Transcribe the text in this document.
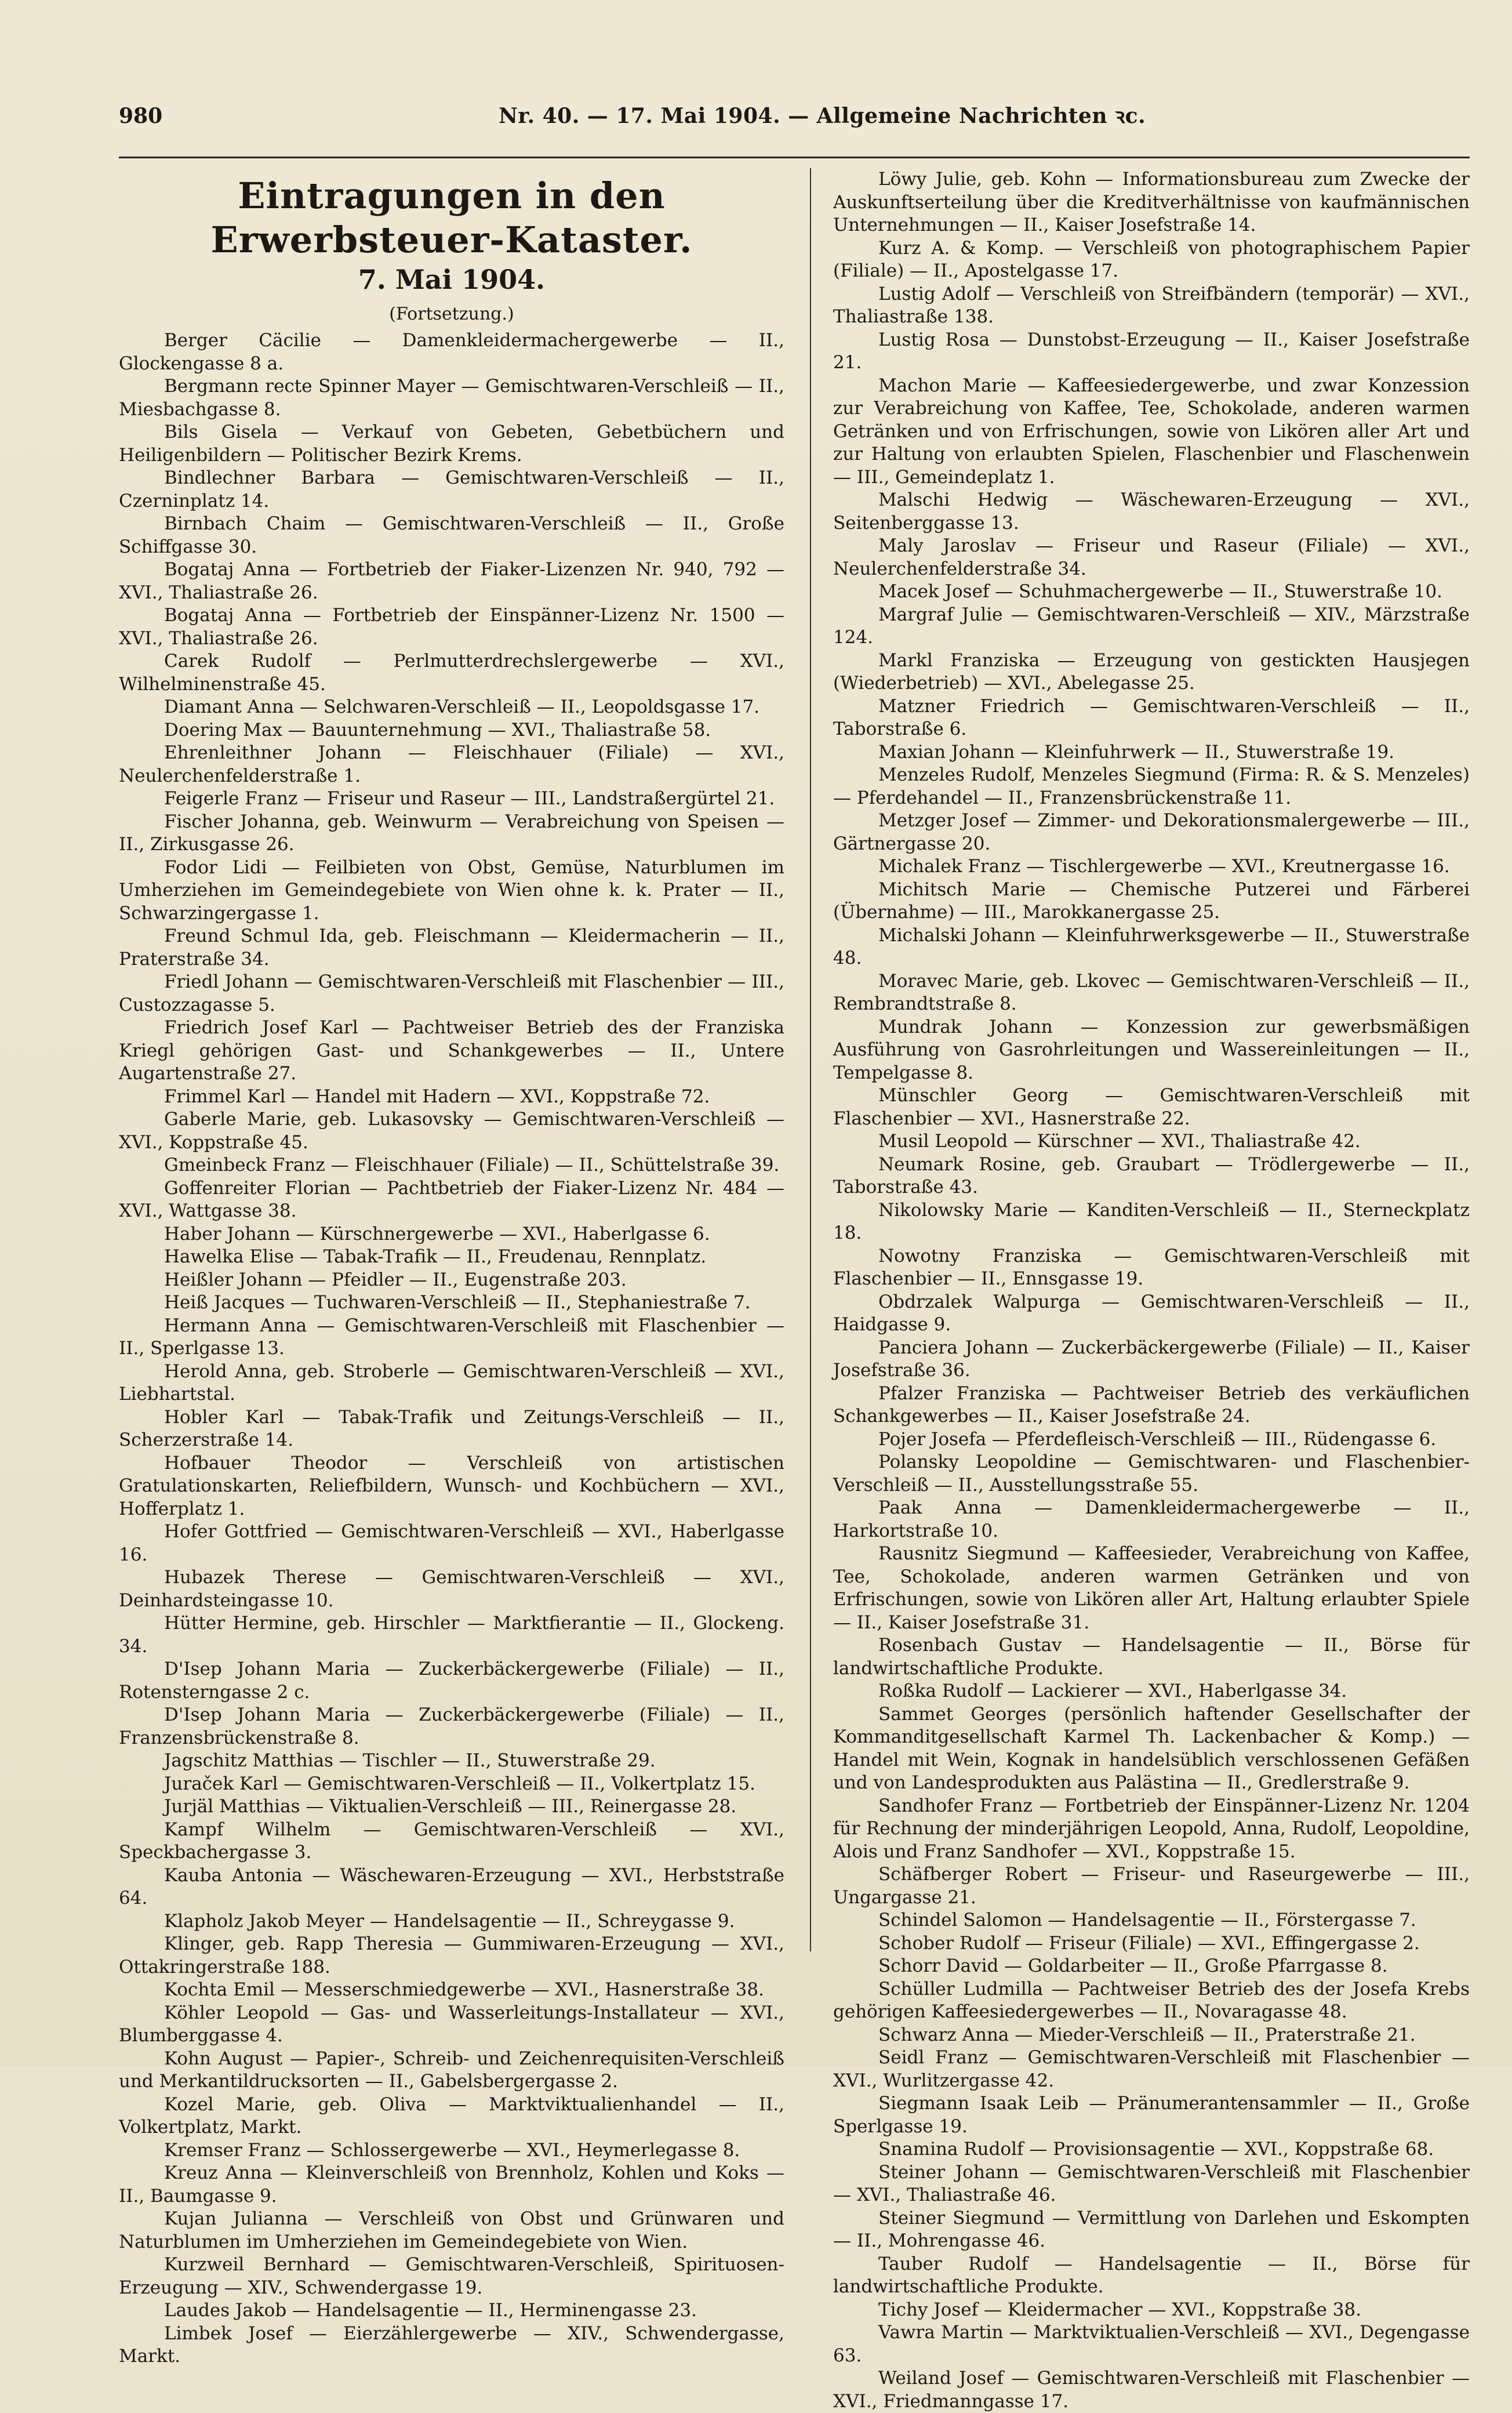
980	Nr. 40. — 17. Mai 1904. — Allgemeine Nachrichten ꝛc.
Eintragungen in den Erwerbsteuer-Kataster.
7. Mai 1904.
(Fortsetzung.)

Berger Cäcilie — Damenkleidermachergewerbe — II., Glockengasse 8 a.

Bergmann recte Spinner Mayer — Gemischtwaren-Verschleiß — II., Miesbachgasse 8.

Bils Gisela — Verkauf von Gebeten, Gebetbüchern und Heiligenbildern — Politischer Bezirk Krems.

Bindlechner Barbara — Gemischtwaren-Verschleiß — II., Czerninplatz 14.

Birnbach Chaim — Gemischtwaren-Verschleiß — II., Große Schiffgasse 30.

Bogataj Anna — Fortbetrieb der Fiaker-Lizenzen Nr. 940, 792 — XVI., Thaliastraße 26.

Bogataj Anna — Fortbetrieb der Einspänner-Lizenz Nr. 1500 — XVI., Thaliastraße 26.

Carek Rudolf — Perlmutterdrechslergewerbe — XVI., Wilhelminenstraße 45.

Diamant Anna — Selchwaren-Verschleiß — II., Leopoldsgasse 17.

Doering Max — Bauunternehmung — XVI., Thaliastraße 58.

Ehrenleithner Johann — Fleischhauer (Filiale) — XVI., Neulerchenfelderstraße 1.

Feigerle Franz — Friseur und Raseur — III., Landstraßergürtel 21.

Fischer Johanna, geb. Weinwurm — Verabreichung von Speisen — II., Zirkusgasse 26.

Fodor Lidi — Feilbieten von Obst, Gemüse, Naturblumen im Umherziehen im Gemeindegebiete von Wien ohne k. k. Prater — II., Schwarzingergasse 1.

Freund Schmul Ida, geb. Fleischmann — Kleidermacherin — II., Praterstraße 34.

Friedl Johann — Gemischtwaren-Verschleiß mit Flaschenbier — III., Custozzagasse 5.

Friedrich Josef Karl — Pachtweiser Betrieb des der Franziska Kriegl gehörigen Gast- und Schankgewerbes — II., Untere Augartenstraße 27.

Frimmel Karl — Handel mit Hadern — XVI., Koppstraße 72.

Gaberle Marie, geb. Lukasovsky — Gemischtwaren-Verschleiß — XVI., Koppstraße 45.

Gmeinbeck Franz — Fleischhauer (Filiale) — II., Schüttelstraße 39.

Goffenreiter Florian — Pachtbetrieb der Fiaker-Lizenz Nr. 484 — XVI., Wattgasse 38.

Haber Johann — Kürschnergewerbe — XVI., Haberlgasse 6.

Hawelka Elise — Tabak-Trafik — II., Freudenau, Rennplatz.

Heißler Johann — Pfeidler — II., Eugenstraße 203.

Heiß Jacques — Tuchwaren-Verschleiß — II., Stephaniestraße 7.

Hermann Anna — Gemischtwaren-Verschleiß mit Flaschenbier — II., Sperlgasse 13.

Herold Anna, geb. Stroberle — Gemischtwaren-Verschleiß — XVI., Liebhartstal.

Hobler Karl — Tabak-Trafik und Zeitungs-Verschleiß — II., Scherzerstraße 14.

Hofbauer Theodor — Verschleiß von artistischen Gratulationskarten, Reliefbildern, Wunsch- und Kochbüchern — XVI., Hofferplatz 1.

Hofer Gottfried — Gemischtwaren-Verschleiß — XVI., Haberlgasse 16.

Hubazek Therese — Gemischtwaren-Verschleiß — XVI., Deinhardsteingasse 10.

Hütter Hermine, geb. Hirschler — Marktfierantie — II., Glockeng. 34.

D'Isep Johann Maria — Zuckerbäckergewerbe (Filiale) — II., Rotensterngasse 2 c.

D'Isep Johann Maria — Zuckerbäckergewerbe (Filiale) — II., Franzensbrückenstraße 8.

Jagschitz Matthias — Tischler — II., Stuwerstraße 29.

Juraček Karl — Gemischtwaren-Verschleiß — II., Volkertplatz 15.

Jurjäl Matthias — Viktualien-Verschleiß — III., Reinergasse 28.

Kampf Wilhelm — Gemischtwaren-Verschleiß — XVI., Speckbachergasse 3.

Kauba Antonia — Wäschewaren-Erzeugung — XVI., Herbststraße 64.

Klapholz Jakob Meyer — Handelsagentie — II., Schreygasse 9.

Klinger, geb. Rapp Theresia — Gummiwaren-Erzeugung — XVI., Ottakringerstraße 188.

Kochta Emil — Messerschmiedgewerbe — XVI., Hasnerstraße 38.

Köhler Leopold — Gas- und Wasserleitungs-Installateur — XVI., Blumberggasse 4.

Kohn August — Papier-, Schreib- und Zeichenrequisiten-Verschleiß und Merkantildrucksorten — II., Gabelsbergergasse 2.

Kozel Marie, geb. Oliva — Marktviktualienhandel — II., Volkertplatz, Markt.

Kremser Franz — Schlossergewerbe — XVI., Heymerlegasse 8.

Kreuz Anna — Kleinverschleiß von Brennholz, Kohlen und Koks — II., Baumgasse 9.

Kujan Julianna — Verschleiß von Obst und Grünwaren und Naturblumen im Umherziehen im Gemeindegebiete von Wien.

Kurzweil Bernhard — Gemischtwaren-Verschleiß, Spirituosen-Erzeugung — XIV., Schwendergasse 19.

Laudes Jakob — Handelsagentie — II., Herminengasse 23.

Limbek Josef — Eierzählergewerbe — XIV., Schwendergasse, Markt.

Löwy Julie, geb. Kohn — Informationsbureau zum Zwecke der Auskunftserteilung über die Kreditverhältnisse von kaufmännischen Unternehmungen — II., Kaiser Josefstraße 14.

Kurz A. & Komp. — Verschleiß von photographischem Papier (Filiale) — II., Apostelgasse 17.

Lustig Adolf — Verschleiß von Streifbändern (temporär) — XVI., Thaliastraße 138.

Lustig Rosa — Dunstobst-Erzeugung — II., Kaiser Josefstraße 21.

Machon Marie — Kaffeesiedergewerbe, und zwar Konzession zur Verabreichung von Kaffee, Tee, Schokolade, anderen warmen Getränken und von Erfrischungen, sowie von Likören aller Art und zur Haltung von erlaubten Spielen, Flaschenbier und Flaschenwein — III., Gemeindeplatz 1.

Malschi Hedwig — Wäschewaren-Erzeugung — XVI., Seitenberggasse 13.

Maly Jaroslav — Friseur und Raseur (Filiale) — XVI., Neulerchenfelderstraße 34.

Macek Josef — Schuhmachergewerbe — II., Stuwerstraße 10.

Margraf Julie — Gemischtwaren-Verschleiß — XIV., Märzstraße 124.

Markl Franziska — Erzeugung von gestickten Hausjegen (Wiederbetrieb) — XVI., Abelegasse 25.

Matzner Friedrich — Gemischtwaren-Verschleiß — II., Taborstraße 6.

Maxian Johann — Kleinfuhrwerk — II., Stuwerstraße 19.

Menzeles Rudolf, Menzeles Siegmund (Firma: R. & S. Menzeles) — Pferdehandel — II., Franzensbrückenstraße 11.

Metzger Josef — Zimmer- und Dekorationsmalergewerbe — III., Gärtnergasse 20.

Michalek Franz — Tischlergewerbe — XVI., Kreutnergasse 16.

Michitsch Marie — Chemische Putzerei und Färberei (Übernahme) — III., Marokkanergasse 25.

Michalski Johann — Kleinfuhrwerksgewerbe — II., Stuwerstraße 48.

Moravec Marie, geb. Lkovec — Gemischtwaren-Verschleiß — II., Rembrandtstraße 8.

Mundrak Johann — Konzession zur gewerbsmäßigen Ausführung von Gasrohrleitungen und Wassereinleitungen — II., Tempelgasse 8.

Münschler Georg — Gemischtwaren-Verschleiß mit Flaschenbier — XVI., Hasnerstraße 22.

Musil Leopold — Kürschner — XVI., Thaliastraße 42.

Neumark Rosine, geb. Graubart — Trödlergewerbe — II., Taborstraße 43.

Nikolowsky Marie — Kanditen-Verschleiß — II., Sterneckplatz 18.

Nowotny Franziska — Gemischtwaren-Verschleiß mit Flaschenbier — II., Ennsgasse 19.

Obdrzalek Walpurga — Gemischtwaren-Verschleiß — II., Haidgasse 9.

Panciera Johann — Zuckerbäckergewerbe (Filiale) — II., Kaiser Josefstraße 36.

Pfalzer Franziska — Pachtweiser Betrieb des verkäuflichen Schankgewerbes — II., Kaiser Josefstraße 24.

Pojer Josefa — Pferdefleisch-Verschleiß — III., Rüdengasse 6.

Polansky Leopoldine — Gemischtwaren- und Flaschenbier-Verschleiß — II., Ausstellungsstraße 55.

Paak Anna — Damenkleidermachergewerbe — II., Harkortstraße 10.

Rausnitz Siegmund — Kaffeesieder, Verabreichung von Kaffee, Tee, Schokolade, anderen warmen Getränken und von Erfrischungen, sowie von Likören aller Art, Haltung erlaubter Spiele — II., Kaiser Josefstraße 31.

Rosenbach Gustav — Handelsagentie — II., Börse für landwirtschaftliche Produkte.

Roßka Rudolf — Lackierer — XVI., Haberlgasse 34.

Sammet Georges (persönlich haftender Gesellschafter der Kommanditgesellschaft Karmel Th. Lackenbacher & Komp.) — Handel mit Wein, Kognak in handelsüblich verschlossenen Gefäßen und von Landesprodukten aus Palästina — II., Gredlerstraße 9.

Sandhofer Franz — Fortbetrieb der Einspänner-Lizenz Nr. 1204 für Rechnung der minderjährigen Leopold, Anna, Rudolf, Leopoldine, Alois und Franz Sandhofer — XVI., Koppstraße 15.

Schäfberger Robert — Friseur- und Raseurgewerbe — III., Ungargasse 21.

Schindel Salomon — Handelsagentie — II., Förstergasse 7.

Schober Rudolf — Friseur (Filiale) — XVI., Effingergasse 2.

Schorr David — Goldarbeiter — II., Große Pfarrgasse 8.

Schüller Ludmilla — Pachtweiser Betrieb des der Josefa Krebs gehörigen Kaffeesiedergewerbes — II., Novaragasse 48.

Schwarz Anna — Mieder-Verschleiß — II., Praterstraße 21.

Seidl Franz — Gemischtwaren-Verschleiß mit Flaschenbier — XVI., Wurlitzergasse 42.

Siegmann Isaak Leib — Pränumerantensammler — II., Große Sperlgasse 19.

Snamina Rudolf — Provisionsagentie — XVI., Koppstraße 68.

Steiner Johann — Gemischtwaren-Verschleiß mit Flaschenbier — XVI., Thaliastraße 46.

Steiner Siegmund — Vermittlung von Darlehen und Eskompten — II., Mohrengasse 46.

Tauber Rudolf — Handelsagentie — II., Börse für landwirtschaftliche Produkte.

Tichy Josef — Kleidermacher — XVI., Koppstraße 38.

Vawra Martin — Marktviktualien-Verschleiß — XVI., Degengasse 63.

Weiland Josef — Gemischtwaren-Verschleiß mit Flaschenbier — XVI., Friedmanngasse 17.
